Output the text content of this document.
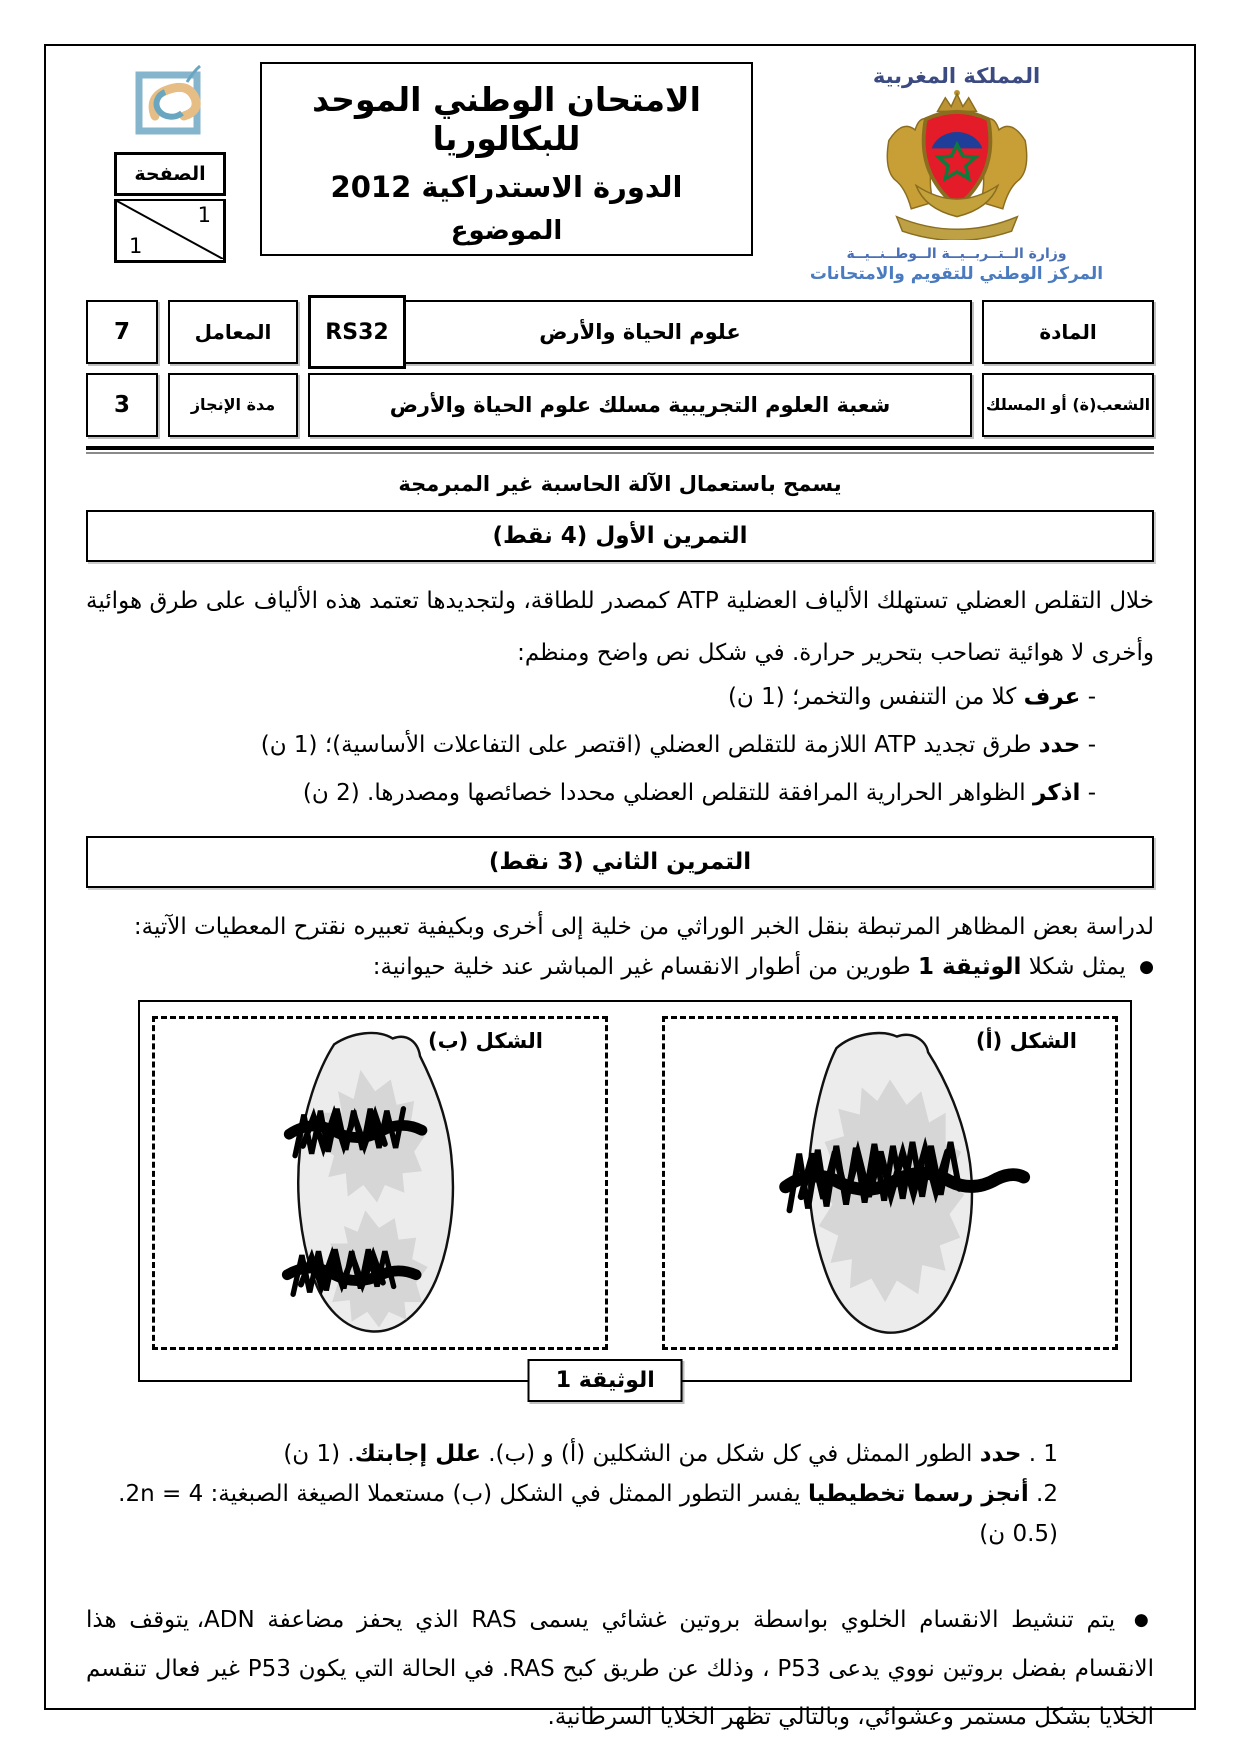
المملكة المغربية
وزارة الــتــربــيــة الــوطــنــيــة
المركز الوطني للتقويم والامتحانات
الامتحان الوطني الموحد للبكالوريا
الدورة الاستدراكية 2012
الموضوع
الصفحة
1
1
المادة
علوم الحياة والأرض
RS32
المعامل
7
الشعب(ة) أو المسلك
شعبة العلوم التجريبية مسلك علوم الحياة والأرض
مدة الإنجاز
3
يسمح باستعمال الآلة الحاسبة غير المبرمجة
التمرين الأول (4 نقط)

خلال التقلص العضلي تستهلك الألياف العضلية ATP كمصدر للطاقة، ولتجديدها تعتمد هذه الألياف على طرق هوائية وأخرى لا هوائية تصاحب بتحرير حرارة. في شكل نص واضح ومنظم:

- عرف كلا من التنفس والتخمر؛ (1 ن)
- حدد طرق تجديد ATP اللازمة للتقلص العضلي (اقتصر على التفاعلات الأساسية)؛ (1 ن)
- اذكر الظواهر الحرارية المرافقة للتقلص العضلي محددا خصائصها ومصدرها. (2 ن)
التمرين الثاني (3 نقط)

لدراسة بعض المظاهر المرتبطة بنقل الخبر الوراثي من خلية إلى أخرى وبكيفية تعبيره نقترح المعطيات الآتية:

● يمثل شكلا الوثيقة 1 طورين من أطوار الانقسام غير المباشر عند خلية حيوانية:

الشكل (أ)
الشكل (ب)
الوثيقة 1
1 . حدد الطور الممثل في كل شكل من الشكلين (أ) و (ب). علل إجابتك. (1 ن)
2. أنجز رسما تخطيطيا يفسر التطور الممثل في الشكل (ب) مستعملا الصيغة الصبغية: 2n = 4. (0.5 ن)

● يتم تنشيط الانقسام الخلوي بواسطة بروتين غشائي يسمى RAS الذي يحفز مضاعفة ADN، يتوقف هذا الانقسام بفضل بروتين نووي يدعى P53 ، وذلك عن طريق كبح RAS. في الحالة التي يكون P53 غير فعال تنقسم الخلايا بشكل مستمر وعشوائي، وبالتالي تظهر الخلايا السرطانية.
